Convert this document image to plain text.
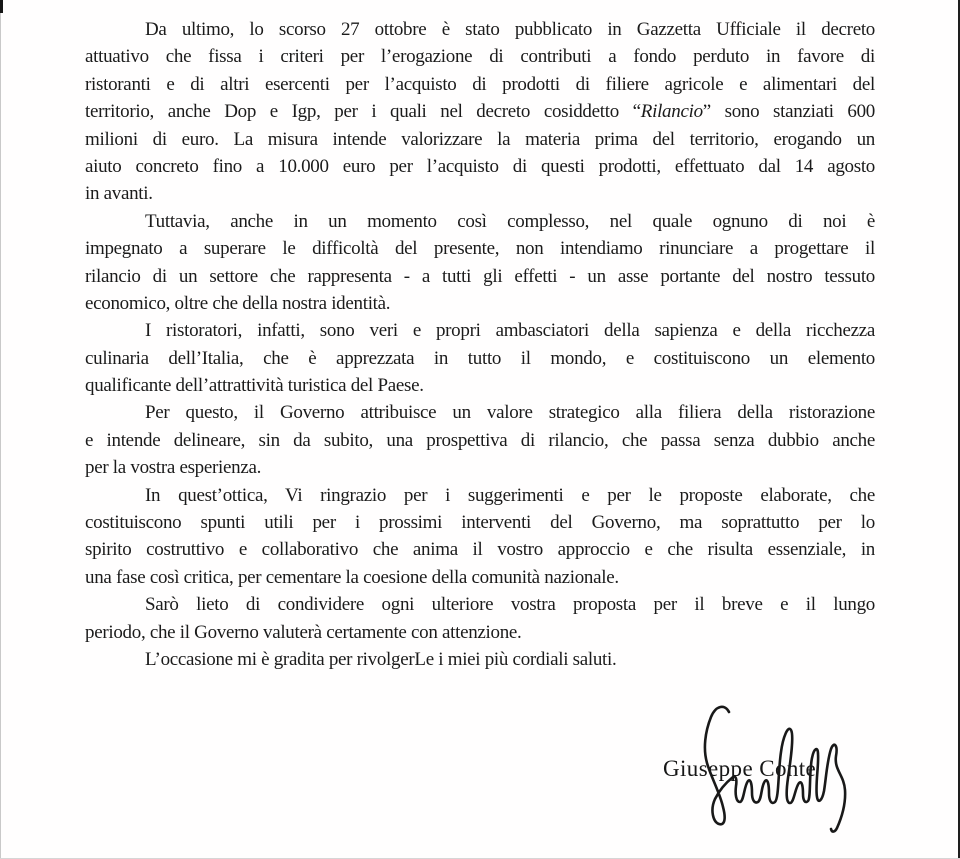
Da ultimo, lo scorso 27 ottobre è stato pubblicato in Gazzetta Ufficiale il decreto
attuativo che fissa i criteri per l’erogazione di contributi a fondo perduto in favore di
ristoranti e di altri esercenti per l’acquisto di prodotti di filiere agricole e alimentari del
territorio, anche Dop e Igp, per i quali nel decreto cosiddetto “Rilancio” sono stanziati 600
milioni di euro. La misura intende valorizzare la materia prima del territorio, erogando un
aiuto concreto fino a 10.000 euro per l’acquisto di questi prodotti, effettuato dal 14 agosto
in avanti.
Tuttavia, anche in un momento così complesso, nel quale ognuno di noi è
impegnato a superare le difficoltà del presente, non intendiamo rinunciare a progettare il
rilancio di un settore che rappresenta - a tutti gli effetti - un asse portante del nostro tessuto
economico, oltre che della nostra identità.
I ristoratori, infatti, sono veri e propri ambasciatori della sapienza e della ricchezza
culinaria dell’Italia, che è apprezzata in tutto il mondo, e costituiscono un elemento
qualificante dell’attrattività turistica del Paese.
Per questo, il Governo attribuisce un valore strategico alla filiera della ristorazione
e intende delineare, sin da subito, una prospettiva di rilancio, che passa senza dubbio anche
per la vostra esperienza.
In quest’ottica, Vi ringrazio per i suggerimenti e per le proposte elaborate, che
costituiscono spunti utili per i prossimi interventi del Governo, ma soprattutto per lo
spirito costruttivo e collaborativo che anima il vostro approccio e che risulta essenziale, in
una fase così critica, per cementare la coesione della comunità nazionale.
Sarò lieto di condividere ogni ulteriore vostra proposta per il breve e il lungo
periodo, che il Governo valuterà certamente con attenzione.
L’occasione mi è gradita per rivolgerLe i miei più cordiali saluti.
Giuseppe Conte
